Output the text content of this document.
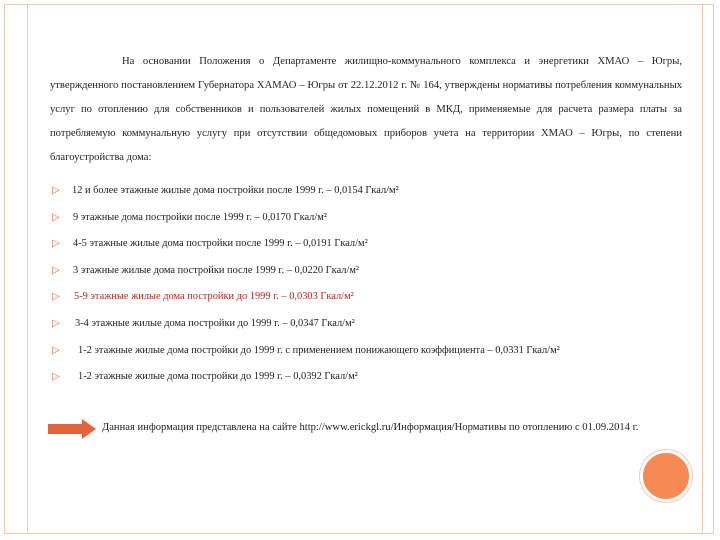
На основании Положения о Департаменте жилищно-коммунального комплекса и энергетики ХМАО – Югры, утвержденного постановлением Губернатора ХАМАО – Югры от 22.12.2012 г. № 164, утверждены нормативы потребления коммунальных услуг по отоплению для собственников и пользователей жилых помещений в МКД, применяемые для расчета размера платы за потребляемую коммунальную услугу при отсутствии общедомовых приборов учета на территории ХМАО – Югры, по степени благоустройства дома:
▷ 12 и более этажные жилые дома постройки после 1999 г. – 0,0154 Гкал/м²
▷ 9 этажные дома постройки после 1999 г. – 0,0170 Гкал/м²
▷ 4-5 этажные жилые дома постройки после 1999 г. – 0,0191 Гкал/м²
▷ 3 этажные жилые дома постройки после 1999 г. – 0,0220 Гкал/м²
▷ 5-9 этажные жилые дома постройки до 1999 г. – 0,0303 Гкал/м²
▷ 3-4 этажные жилые дома постройки до 1999 г. – 0,0347 Гкал/м²
▷ 1-2 этажные жилые дома постройки до 1999 г. с применением понижающего коэффициента – 0,0331 Гкал/м²
▷ 1-2 этажные жилые дома постройки до 1999 г. – 0,0392 Гкал/м²
Данная информация представлена на сайте http://www.erickgl.ru/Информация/Нормативы по отоплению с 01.09.2014 г.
